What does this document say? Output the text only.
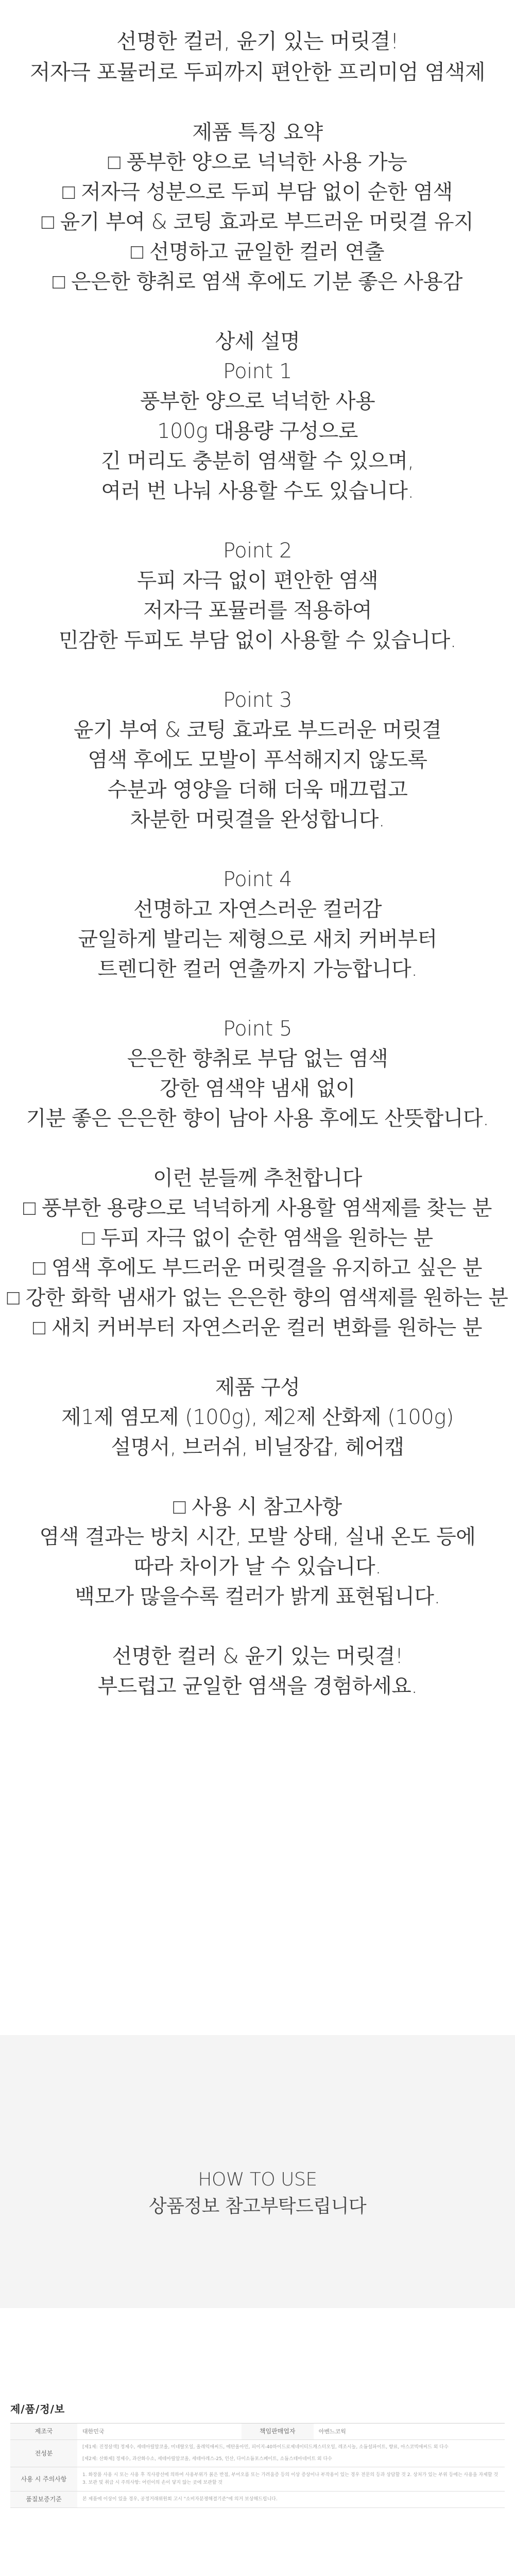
선명한 컬러, 윤기 있는 머릿결!
저자극 포뮬러로 두피까지 편안한 프리미엄 염색제
제품 특징 요약
□ 풍부한 양으로 넉넉한 사용 가능
□ 저자극 성분으로 두피 부담 없이 순한 염색
□ 윤기 부여 & 코팅 효과로 부드러운 머릿결 유지
□ 선명하고 균일한 컬러 연출
□ 은은한 향취로 염색 후에도 기분 좋은 사용감
상세 설명
Point 1
풍부한 양으로 넉넉한 사용
100g 대용량 구성으로
긴 머리도 충분히 염색할 수 있으며,
여러 번 나눠 사용할 수도 있습니다.
Point 2
두피 자극 없이 편안한 염색
저자극 포뮬러를 적용하여
민감한 두피도 부담 없이 사용할 수 있습니다.
Point 3
윤기 부여 & 코팅 효과로 부드러운 머릿결
염색 후에도 모발이 푸석해지지 않도록
수분과 영양을 더해 더욱 매끄럽고
차분한 머릿결을 완성합니다.
Point 4
선명하고 자연스러운 컬러감
균일하게 발리는 제형으로 새치 커버부터
트렌디한 컬러 연출까지 가능합니다.
Point 5
은은한 향취로 부담 없는 염색
강한 염색약 냄새 없이
기분 좋은 은은한 향이 남아 사용 후에도 산뜻합니다.
이런 분들께 추천합니다
□ 풍부한 용량으로 넉넉하게 사용할 염색제를 찾는 분
□ 두피 자극 없이 순한 염색을 원하는 분
□ 염색 후에도 부드러운 머릿결을 유지하고 싶은 분
□ 강한 화학 냄새가 없는 은은한 향의 염색제를 원하는 분
□ 새치 커버부터 자연스러운 컬러 변화를 원하는 분
제품 구성
제1제 염모제 (100g), 제2제 산화제 (100g)
설명서, 브러쉬, 비닐장갑, 헤어캡
□ 사용 시 참고사항
염색 결과는 방치 시간, 모발 상태, 실내 온도 등에
따라 차이가 날 수 있습니다.
백모가 많을수록 컬러가 밝게 표현됩니다.
선명한 컬러 & 윤기 있는 머릿결!
부드럽고 균일한 염색을 경험하세요.
HOW TO USE
상품정보 참고부탁드립니다
제/품/정/보
제조국	대한민국	책임판매업자	아벤느코웍
전성분	[제1제: 진정살색] 정제수, 세테아릴알코올, 미네랄오일, 올레익애씨드, 에탄올아민, 피이지-40하이드로제네이티드캐스터오일, 레조시놀, 소듐설파이트, 향료, 아스코빅애씨드 외 다수
[제2제: 산화제] 정제수, 과산화수소, 세테아릴알코올, 세테아레스-25, 인산, 다이소듐포스페이트, 소듐스테아네이트 외 다수		

사용 시 주의사항	1. 화장품 사용 시 또는 사용 후 직사광선에 의하여 사용부위가 붉은 반점, 부어오름 또는 가려움증 등의 이상 증상이나 부작용이 있는 경우 전문의 등과 상담할 것 2. 상처가 있는 부위 등에는 사용을 자제할 것 3. 보관 및 취급 시 주의사항: 어린이의 손이 닿지 않는 곳에 보관할 것		
품질보증기준	본 제품에 이상이 있을 경우, 공정거래위원회 고시 "소비자분쟁해결기준"에 의거 보상해드립니다.		
